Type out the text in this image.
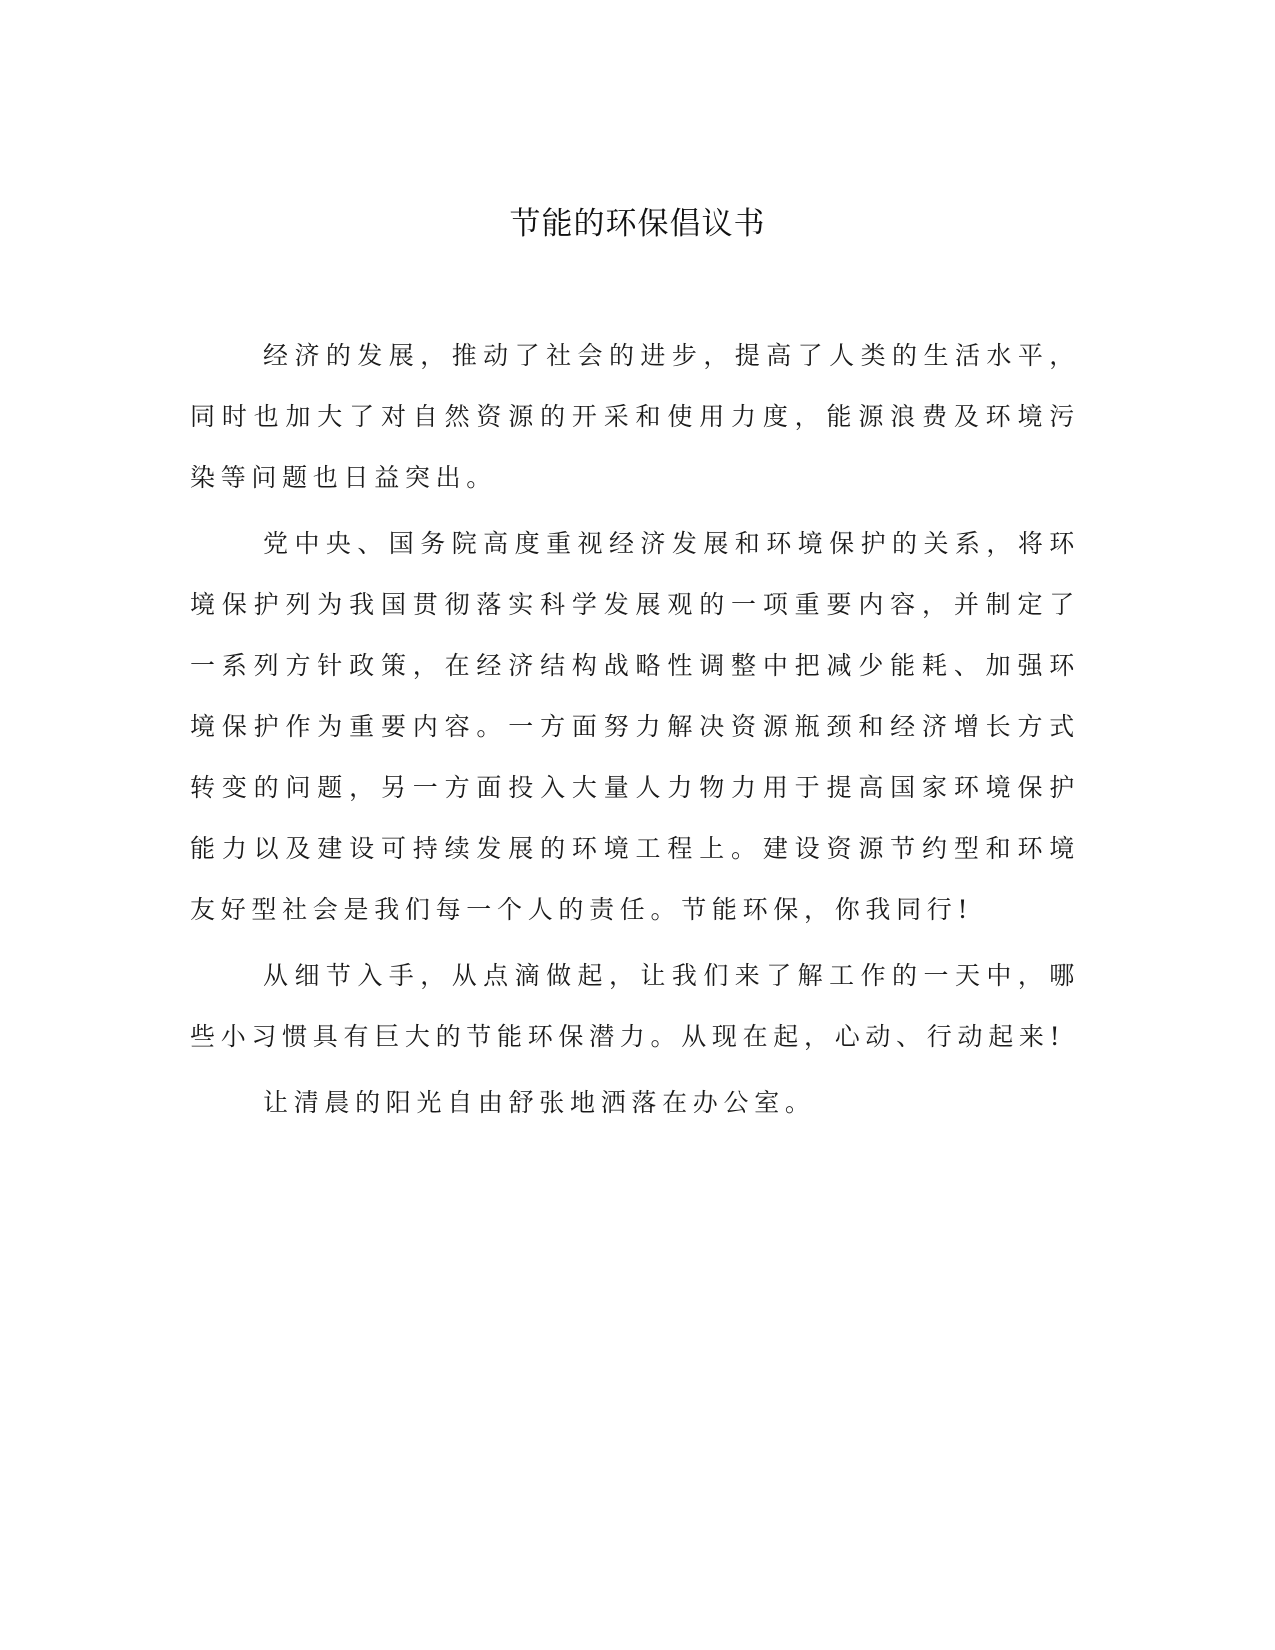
节能的环保倡议书

经济的发展，推动了社会的进步，提高了人类的生活水平，同时也加大了对自然资源的开采和使用力度，能源浪费及环境污染等问题也日益突出。

党中央、国务院高度重视经济发展和环境保护的关系，将环境保护列为我国贯彻落实科学发展观的一项重要内容，并制定了一系列方针政策，在经济结构战略性调整中把减少能耗、加强环境保护作为重要内容。一方面努力解决资源瓶颈和经济增长方式转变的问题，另一方面投入大量人力物力用于提高国家环境保护能力以及建设可持续发展的环境工程上。建设资源节约型和环境友好型社会是我们每一个人的责任。节能环保，你我同行!

从细节入手，从点滴做起，让我们来了解工作的一天中，哪些小习惯具有巨大的节能环保潜力。从现在起，心动、行动起来!

让清晨的阳光自由舒张地洒落在办公室。
